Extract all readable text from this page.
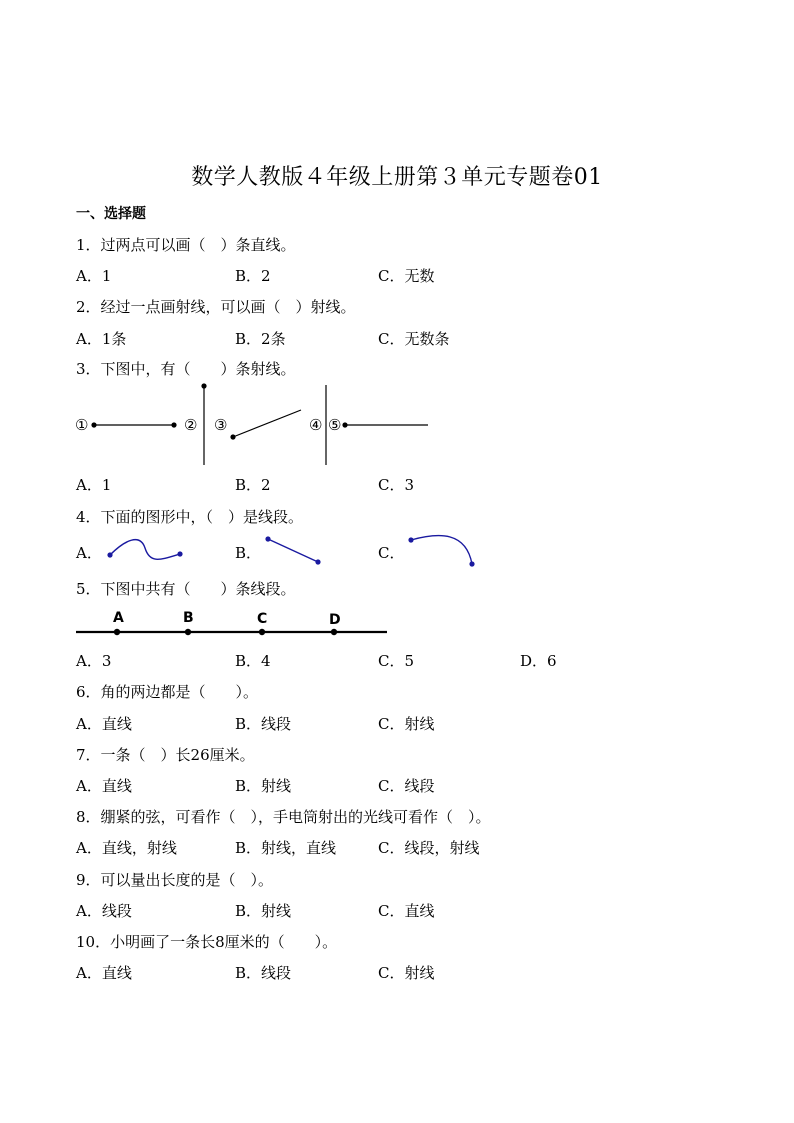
数学人教版４年级上册第３单元专题卷01
一、选择题
1．过两点可以画（　）条直线。
A．1	B．2	C．无数
2．经过一点画射线，可以画（　）射线。
A．1条	B．2条	C．无数条
3．下图中，有（　　）条射线。
①	② ③	④ ⑤
A．1	B．2	C．3
4．下面的图形中，（　）是线段。
A．	B．	C．
5．下图中共有（　　）条线段。
A	B	C	D
A．3	B．4	C．5	D．6
6．角的两边都是（　　）。
A．直线	B．线段	C．射线
7．一条（　）长26厘米。
A．直线	B．射线	C．线段
8．绷紧的弦，可看作（　），手电筒射出的光线可看作（　）。
A．直线，射线	B．射线，直线	C．线段，射线
9．可以量出长度的是（　）。
A．线段	B．射线	C．直线
10．小明画了一条长8厘米的（　　）。
A．直线	B．线段	C．射线
